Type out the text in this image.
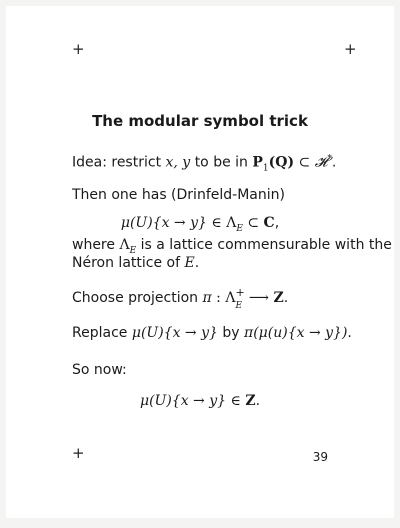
+	+
The modular symbol trick
Idea: restrict x, y to be in $P_1(Q)$ ⊂ 𝓗*.
Then one has (Drinfeld-Manin)
μ(U){x → y} ∈ $\Lambda_E$ ⊂ C,
where $\Lambda_E$ is a lattice commensurable with the
Néron lattice of E.
Choose projection π : Λ +
E ⟶ Z.
Replace μ(U){x → y} by π(μ(u){x → y}).
So now:
μ(U){x → y} ∈ Z.
+	39
